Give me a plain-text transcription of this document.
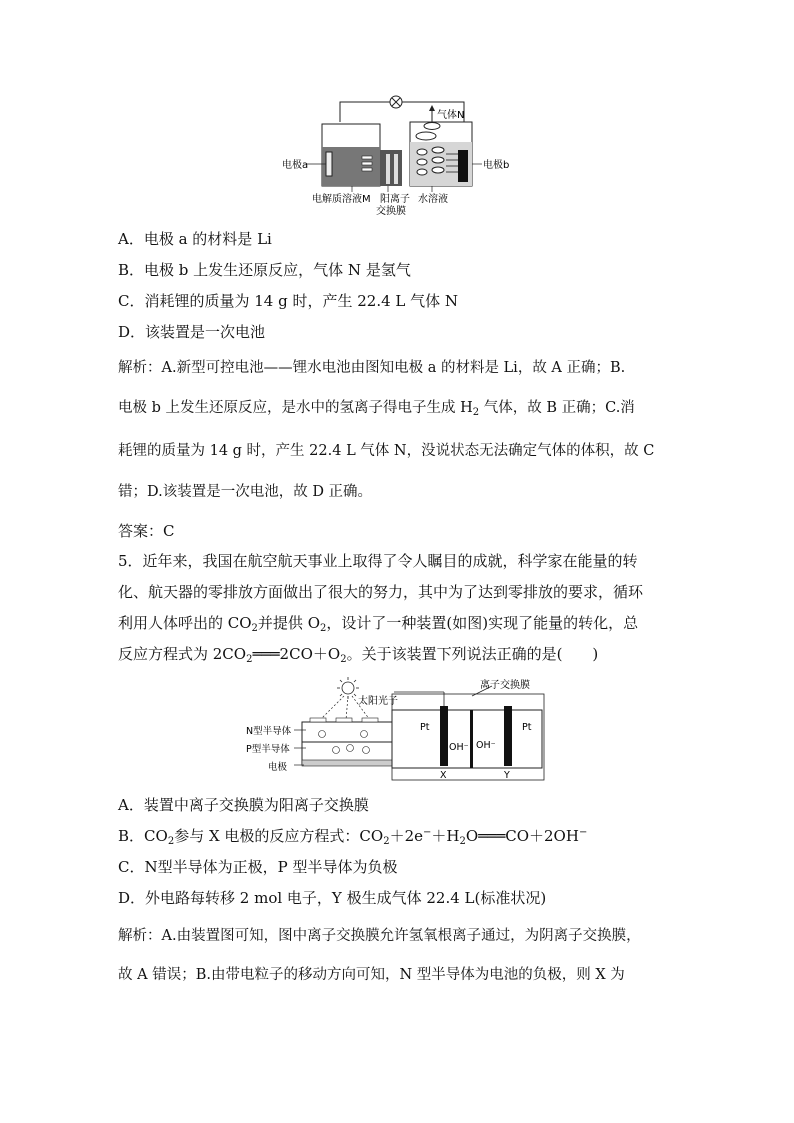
电极a	电极b
气体N
电解质溶液M 阳离子
交换膜
水溶液
A．电极 a 的材料是 Li
B．电极 b 上发生还原反应，气体 N 是氢气
C．消耗锂的质量为 14 g 时，产生 22.4 L 气体 N
D．该装置是一次电池
解析：A.新型可控电池——锂水电池由图知电极 a 的材料是 Li，故 A 正确；B.
电极 b 上发生还原反应，是水中的氢离子得电子生成 $H_2$ 气体，故 B 正确；C.消
耗锂的质量为 14 g 时，产生 22.4 L 气体 N，没说状态无法确定气体的体积，故 C
错；D.该装置是一次电池，故 D 正确。
答案：C
5．近年来，我国在航空航天事业上取得了令人瞩目的成就，科学家在能量的转
化、航天器的零排放方面做出了很大的努力，其中为了达到零排放的要求，循环
利用人体呼出的 $CO_2$并提供 $O_2$，设计了一种装置(如图)实现了能量的转化，总
反应方程式为 $2CO_2═══2CO+O_2$。关于该装置下列说法正确的是(　　)
太阳光子
离子交换膜
N型半导体
P型半导体
电极
Pt	Pt
OH⁻ OH⁻
X	Y
A．装置中离子交换膜为阳离子交换膜
B．$CO_2$参与 X 电极的反应方程式：$CO_2+2e^-+H_2O═══CO+2OH^-$
C．N型半导体为正极，P 型半导体为负极
D．外电路每转移 2 mol 电子，Y 极生成气体 22.4 L(标准状况)
解析：A.由装置图可知，图中离子交换膜允许氢氧根离子通过，为阴离子交换膜，
故 A 错误；B.由带电粒子的移动方向可知，N 型半导体为电池的负极，则 X 为
